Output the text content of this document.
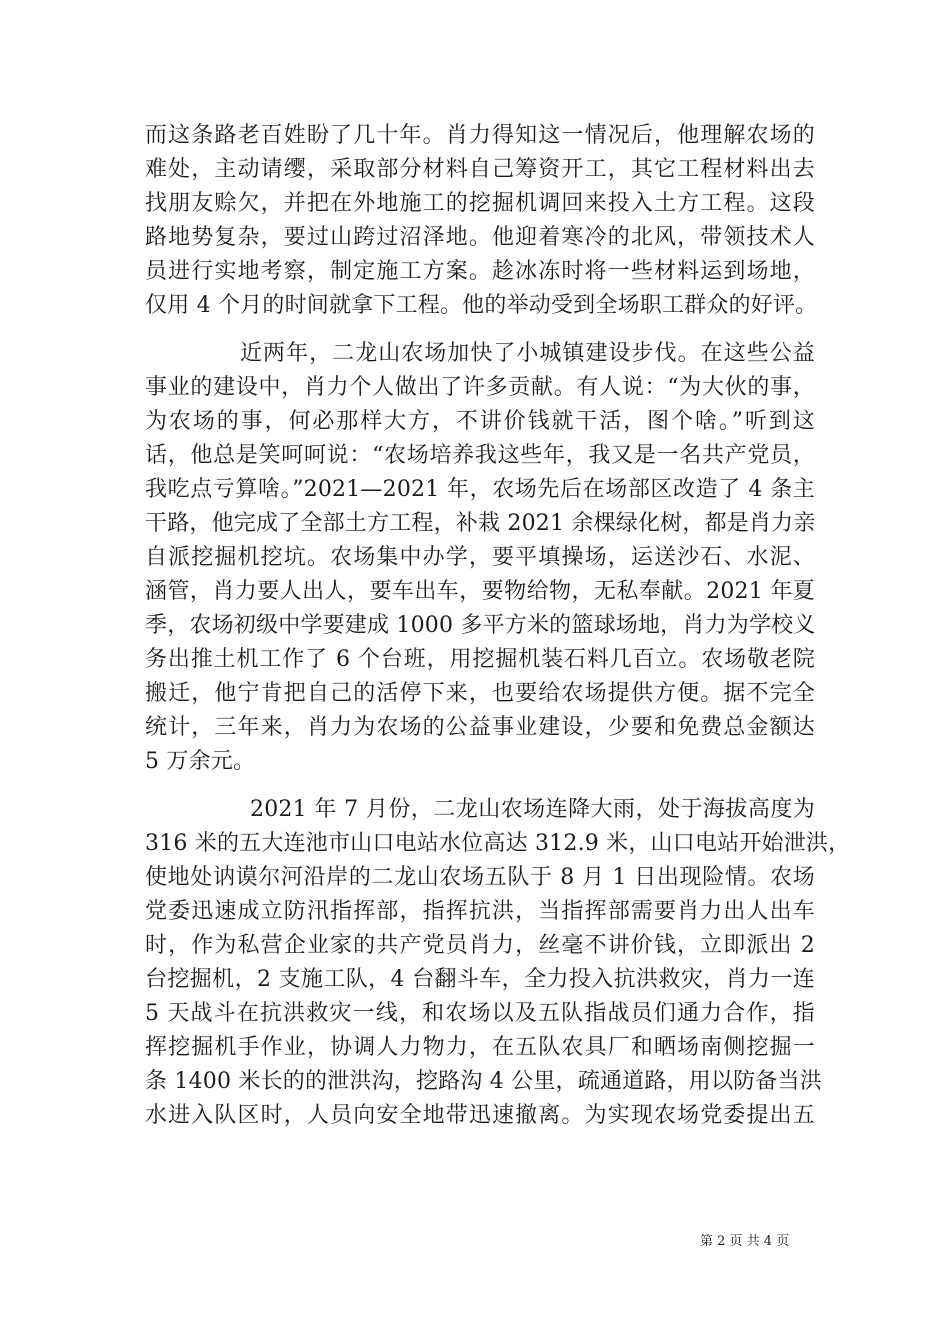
而这条路老百姓盼了几十年。肖力得知这一情况后，他理解农场的
难处，主动请缨，采取部分材料自己筹资开工，其它工程材料出去
找朋友赊欠，并把在外地施工的挖掘机调回来投入土方工程。这段
路地势复杂，要过山跨过沼泽地。他迎着寒冷的北风，带领技术人
员进行实地考察，制定施工方案。趁冰冻时将一些材料运到场地，
仅用 4 个月的时间就拿下工程。他的举动受到全场职工群众的好评。
近两年，二龙山农场加快了小城镇建设步伐。在这些公益
事业的建设中，肖力个人做出了许多贡献。有人说：“为大伙的事，
为农场的事，何必那样大方，不讲价钱就干活，图个啥。”听到这
话，他总是笑呵呵说：“农场培养我这些年，我又是一名共产党员，
我吃点亏算啥。”2021—2021 年，农场先后在场部区改造了 4 条主
干路，他完成了全部土方工程，补栽 2021 余棵绿化树，都是肖力亲
自派挖掘机挖坑。农场集中办学，要平填操场，运送沙石、水泥、
涵管，肖力要人出人，要车出车，要物给物，无私奉献。2021 年夏
季，农场初级中学要建成 1000 多平方米的篮球场地，肖力为学校义
务出推土机工作了 6 个台班，用挖掘机装石料几百立。农场敬老院
搬迁，他宁肯把自己的活停下来，也要给农场提供方便。据不完全
统计，三年来，肖力为农场的公益事业建设，少要和免费总金额达
5 万余元。
2021 年 7 月份，二龙山农场连降大雨，处于海拔高度为
316 米的五大连池市山口电站水位高达 312.9 米，山口电站开始泄洪，
使地处讷谟尔河沿岸的二龙山农场五队于 8 月 1 日出现险情。农场
党委迅速成立防汛指挥部，指挥抗洪，当指挥部需要肖力出人出车
时，作为私营企业家的共产党员肖力，丝毫不讲价钱，立即派出 2
台挖掘机，2 支施工队，4 台翻斗车，全力投入抗洪救灾，肖力一连
5 天战斗在抗洪救灾一线，和农场以及五队指战员们通力合作，指
挥挖掘机手作业，协调人力物力，在五队农具厂和晒场南侧挖掘一
条 1400 米长的的泄洪沟，挖路沟 4 公里，疏通道路，用以防备当洪
水进入队区时，人员向安全地带迅速撤离。为实现农场党委提出五
第 2 页 共 4 页
